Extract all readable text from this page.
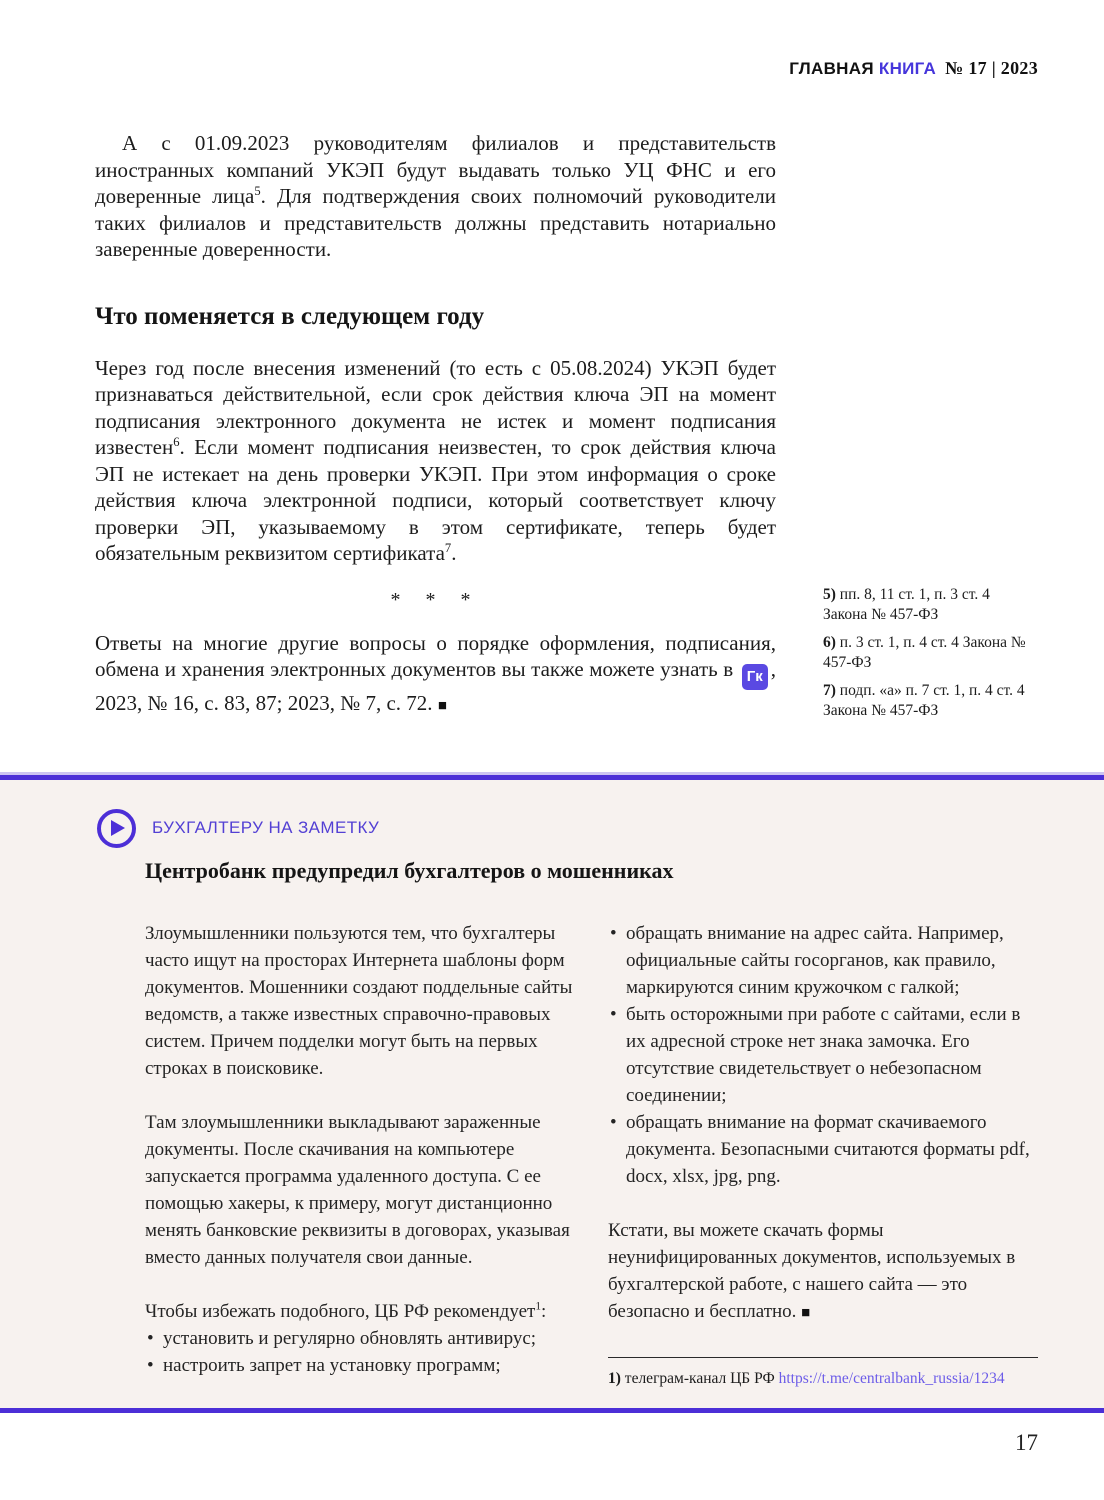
ГЛАВНАЯ КНИГА № 17 | 2023

А с 01.09.2023 руководителям филиалов и представительств иностранных компаний УКЭП будут выдавать только УЦ ФНС и его доверенные лица$^5$. Для подтверждения своих полномочий руководители таких филиалов и представительств должны представить нотариально заверенные доверенности.

Что поменяется в следующем году

Через год после внесения изменений (то есть с 05.08.2024) УКЭП будет признаваться действительной, если срок действия ключа ЭП на момент подписания электронного документа не истек и момент подписания известен$^6$. Если момент подписания неизвестен, то срок действия ключа ЭП не истекает на день проверки УКЭП. При этом информация о сроке действия ключа электронной подписи, который соответствует ключу проверки ЭП, указываемому в этом сертификате, теперь будет обязательным реквизитом сертификата$^7$.

* * *

Ответы на многие другие вопросы о порядке оформления, подписания, обмена и хранения электронных документов вы также можете узнать в Гк , 2023, № 16, с. 83, 87; 2023, № 7, с. 72. ■

5) пп. 8, 11 ст. 1, п. 3 ст. 4 Закона № 457-ФЗ
6) п. 3 ст. 1, п. 4 ст. 4 Закона № 457-ФЗ
7) подп. «а» п. 7 ст. 1, п. 4 ст. 4 Закона № 457-ФЗ
БУХГАЛТЕРУ НА ЗАМЕТКУ
Центробанк предупредил бухгалтеров о мошенниках

Злоумышленники пользуются тем, что бухгалтеры часто ищут на просторах Интернета шаблоны форм документов. Мошенники создают поддельные сайты ведомств, а также известных справочно-правовых систем. Причем подделки могут быть на первых строках в поисковике.

Там злоумышленники выкладывают зараженные документы. После скачивания на компьютере запускается программа удаленного доступа. С ее помощью хакеры, к примеру, могут дистанционно менять банковские реквизиты в договорах, указывая вместо данных получателя свои данные.

Чтобы избежать подобного, ЦБ РФ рекомендует$^1$:

• установить и регулярно обновлять антивирус;
• настроить запрет на установку программ;
• обращать внимание на адрес сайта. Например, официальные сайты госорганов, как правило, маркируются синим кружочком с галкой;
• быть осторожными при работе с сайтами, если в их адресной строке нет знака замочка. Его отсутствие свидетельствует о небезопасном соединении;
• обращать внимание на формат скачиваемого документа. Безопасными считаются форматы pdf, docx, xlsx, jpg, png.

Кстати, вы можете скачать формы неунифицированных документов, используемых в бухгалтерской работе, с нашего сайта — это безопасно и бесплатно. ■

1) телеграм-канал ЦБ РФ https://t.me/centralbank_russia/1234
17
